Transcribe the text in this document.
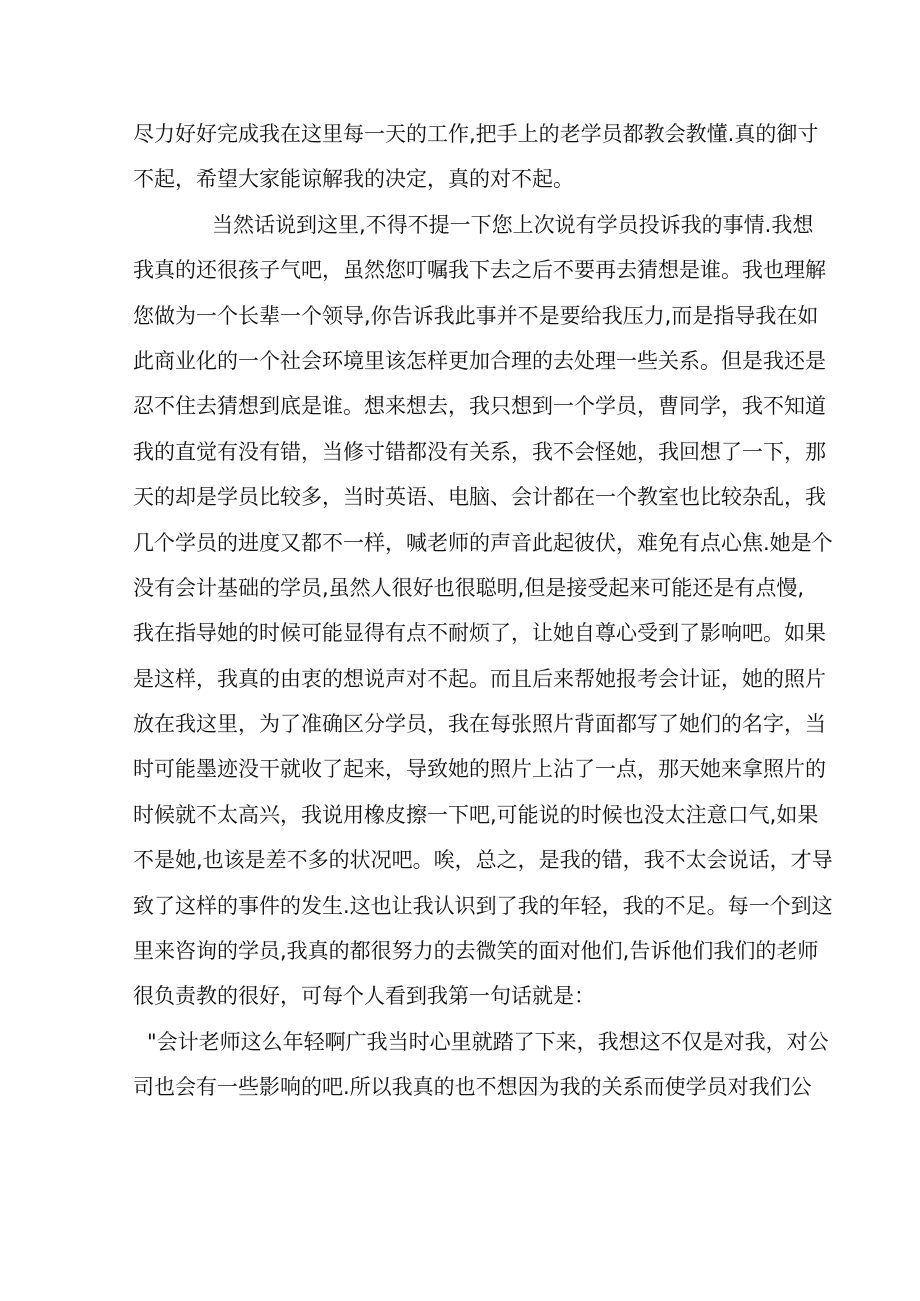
尽力好好完成我在这里每一天的工作,把手上的老学员都教会教懂.真的御寸
不起，希望大家能谅解我的决定，真的对不起。
当然话说到这里,不得不提一下您上次说有学员投诉我的事情.我想
我真的还很孩子气吧，虽然您叮嘱我下去之后不要再去猜想是谁。我也理解
您做为一个长辈一个领导,你告诉我此事并不是要给我压力,而是指导我在如
此商业化的一个社会环境里该怎样更加合理的去处理一些关系。但是我还是
忍不住去猜想到底是谁。想来想去，我只想到一个学员，曹同学，我不知道
我的直觉有没有错，当修寸错都没有关系，我不会怪她，我回想了一下，那
天的却是学员比较多，当时英语、电脑、会计都在一个教室也比较杂乱，我
几个学员的进度又都不一样，喊老师的声音此起彼伏，难免有点心焦.她是个
没有会计基础的学员,虽然人很好也很聪明,但是接受起来可能还是有点慢,
我在指导她的时候可能显得有点不耐烦了，让她自尊心受到了影响吧。如果
是这样，我真的由衷的想说声对不起。而且后来帮她报考会计证，她的照片
放在我这里，为了准确区分学员，我在每张照片背面都写了她们的名字，当
时可能墨迹没干就收了起来，导致她的照片上沾了一点，那天她来拿照片的
时候就不太高兴，我说用橡皮擦一下吧,可能说的时候也没太注意口气,如果
不是她,也该是差不多的状况吧。唉，总之，是我的错，我不太会说话，才导
致了这样的事件的发生.这也让我认识到了我的年轻，我的不足。每一个到这
里来咨询的学员,我真的都很努力的去微笑的面对他们,告诉他们我们的老师
很负责教的很好，可每个人看到我第一句话就是：
"会计老师这么年轻啊广我当时心里就踏了下来，我想这不仅是对我，对公
司也会有一些影响的吧.所以我真的也不想因为我的关系而使学员对我们公
